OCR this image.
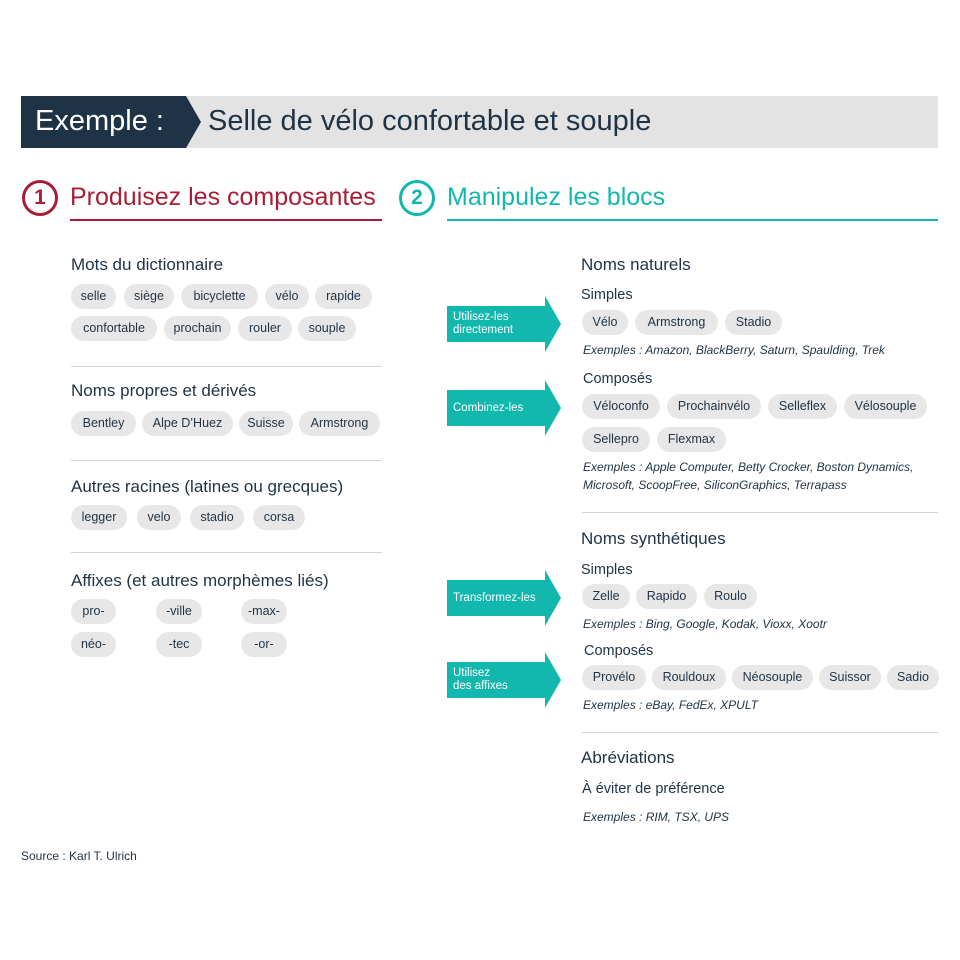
Exemple : Selle de vélo confortable et souple
1 Produisez les composantes	2 Manipulez les blocs
Mots du dictionnaire
selle	siège	bicyclette	vélo	rapide
confortable	prochain	rouler	souple
Noms propres et dérivés
Bentley	Alpe D’Huez	Suisse	Armstrong
Autres racines (latines ou grecques)
legger	velo	stadio	corsa
Affixes (et autres morphèmes liés)
pro-	-ville	-max-
néo-	-tec	-or-
Noms naturels
Simples
Vélo	Armstrong	Stadio
Exemples : Amazon, BlackBerry, Saturn, Spaulding, Trek
Composés
Véloconfo	Prochainvélo	Selleflex	Vélosouple
Sellepro	Flexmax
Exemples : Apple Computer, Betty Crocker, Boston Dynamics,
Microsoft, ScoopFree, SiliconGraphics, Terrapass
Noms synthétiques
Simples
Zelle	Rapido	Roulo
Exemples : Bing, Google, Kodak, Vioxx, Xootr
Composés
Provélo	Rouldoux	Néosouple	Suissor	Sadio
Exemples : eBay, FedEx, XPULT
Abréviations
À éviter de préférence
Exemples : RIM, TSX, UPS
Utilisez-les
directement
Combinez-les
Transformez-les
Utilisez
des affixes
Source : Karl T. Ulrich
